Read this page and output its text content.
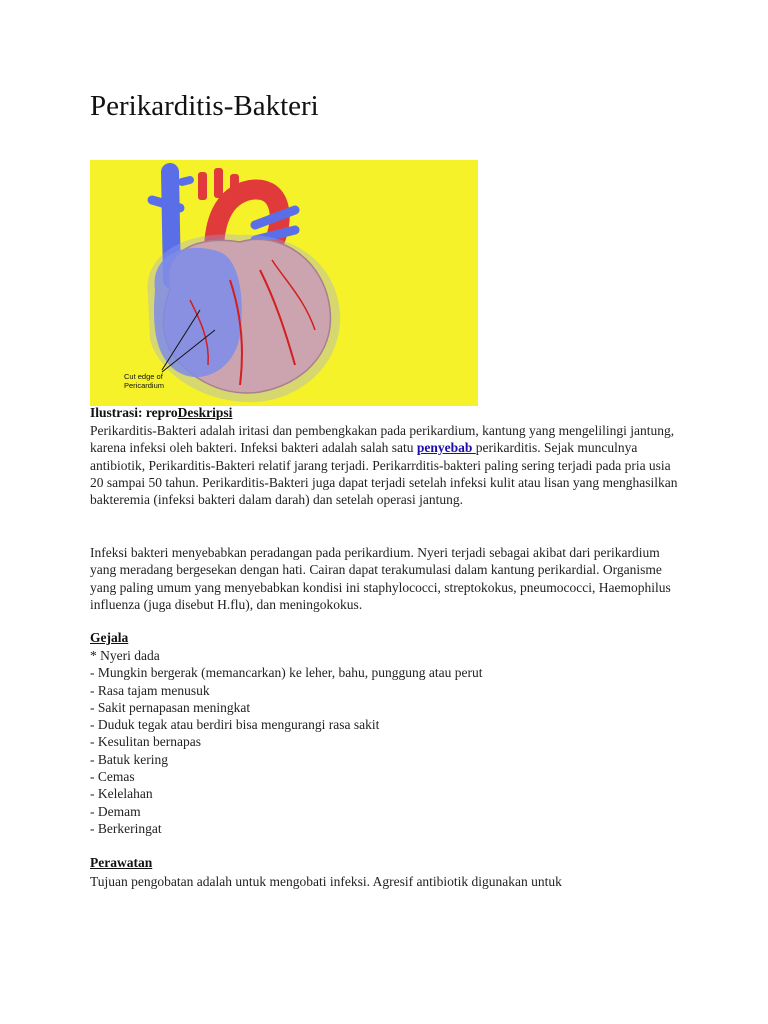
Perikarditis-Bakteri
Cut edge of
Pericardium
Ilustrasi: reproDeskripsi

Perikarditis-Bakteri adalah iritasi dan pembengkakan pada perikardium, kantung yang mengelilingi jantung, karena infeksi oleh bakteri. Infeksi bakteri adalah salah satu penyebab perikarditis. Sejak munculnya antibiotik, Perikarditis-Bakteri relatif jarang terjadi. Perikarrditis-bakteri paling sering terjadi pada pria usia 20 sampai 50 tahun. Perikarditis-Bakteri juga dapat terjadi setelah infeksi kulit atau lisan yang menghasilkan bakteremia (infeksi bakteri dalam darah) dan setelah operasi jantung.

Infeksi bakteri menyebabkan peradangan pada perikardium. Nyeri terjadi sebagai akibat dari perikardium yang meradang bergesekan dengan hati. Cairan dapat terakumulasi dalam kantung perikardial. Organisme yang paling umum yang menyebabkan kondisi ini staphylococci, streptokokus, pneumococci, Haemophilus influenza (juga disebut H.flu), dan meningokokus.

Gejala
* Nyeri dada
- Mungkin bergerak (memancarkan) ke leher, bahu, punggung atau perut
- Rasa tajam menusuk
- Sakit pernapasan meningkat
- Duduk tegak atau berdiri bisa mengurangi rasa sakit
- Kesulitan bernapas
- Batuk kering
- Cemas
- Kelelahan
- Demam
- Berkeringat
Perawatan

Tujuan pengobatan adalah untuk mengobati infeksi. Agresif antibiotik digunakan untuk
